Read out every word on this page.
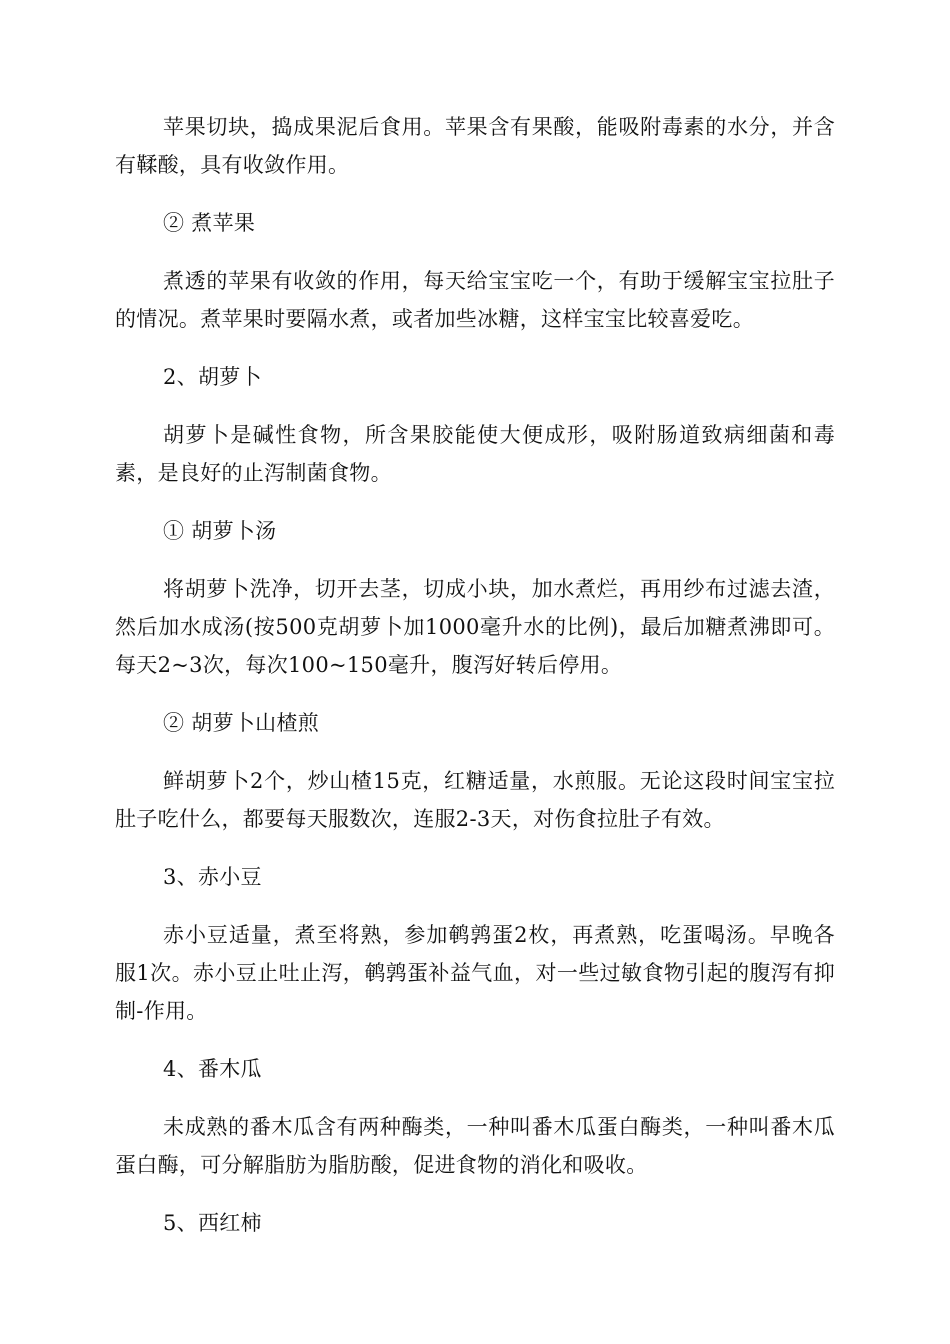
苹果切块，捣成果泥后食用。苹果含有果酸，能吸附毒素的水分，并含有鞣酸，具有收敛作用。

② 煮苹果

煮透的苹果有收敛的作用，每天给宝宝吃一个，有助于缓解宝宝拉肚子的情况。煮苹果时要隔水煮，或者加些冰糖，这样宝宝比较喜爱吃。

2、胡萝卜

胡萝卜是碱性食物，所含果胶能使大便成形，吸附肠道致病细菌和毒素，是良好的止泻制菌食物。

① 胡萝卜汤

将胡萝卜洗净，切开去茎，切成小块，加水煮烂，再用纱布过滤去渣，然后加水成汤(按500克胡萝卜加1000毫升水的比例)，最后加糖煮沸即可。每天2~3次，每次100~150毫升，腹泻好转后停用。

② 胡萝卜山楂煎

鲜胡萝卜2个，炒山楂15克，红糖适量，水煎服。无论这段时间宝宝拉肚子吃什么，都要每天服数次，连服2-3天，对伤食拉肚子有效。

3、赤小豆

赤小豆适量，煮至将熟，参加鹌鹑蛋2枚，再煮熟，吃蛋喝汤。早晚各服1次。赤小豆止吐止泻，鹌鹑蛋补益气血，对一些过敏食物引起的腹泻有抑制-作用。

4、番木瓜

未成熟的番木瓜含有两种酶类，一种叫番木瓜蛋白酶类，一种叫番木瓜蛋白酶，可分解脂肪为脂肪酸，促进食物的消化和吸收。

5、西红柿
